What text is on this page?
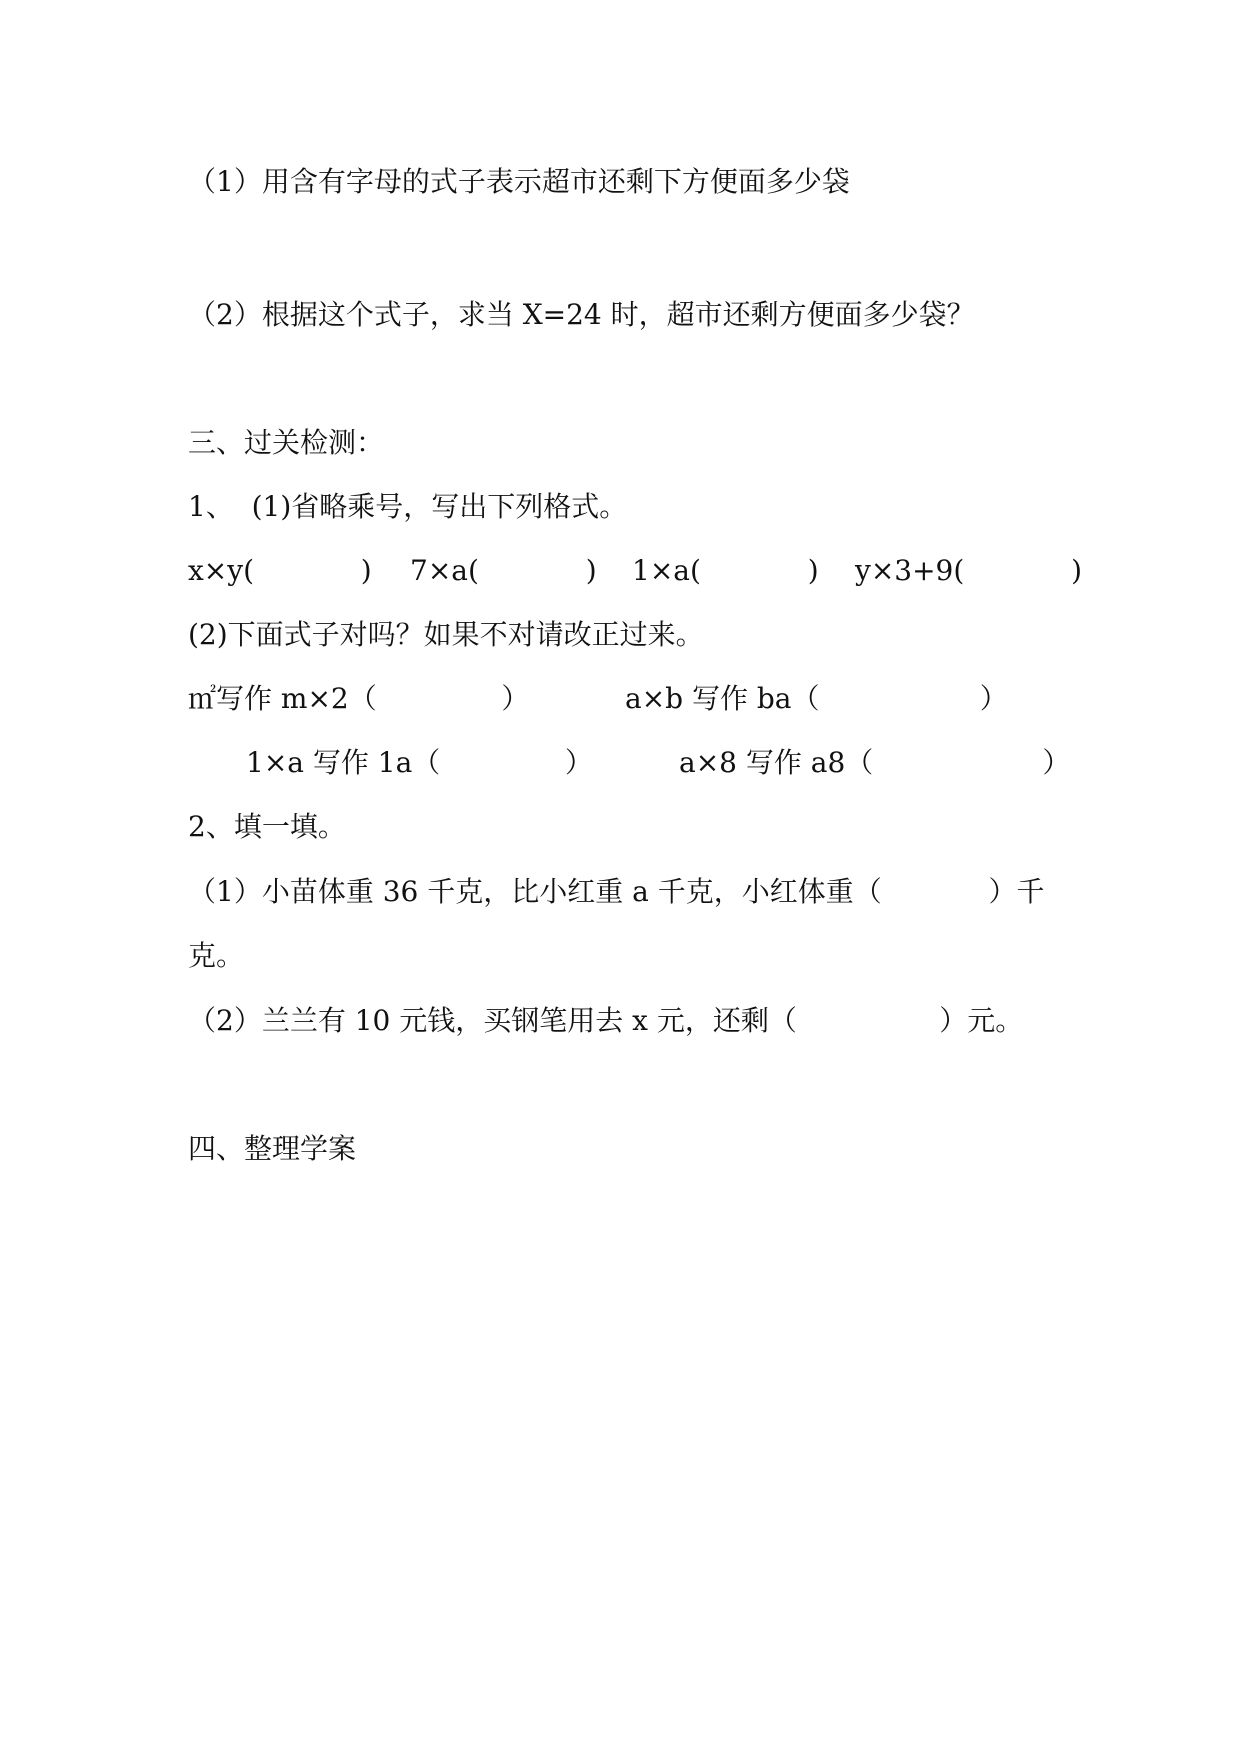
（1）用含有字母的式子表示超市还剩下方便面多少袋
（2）根据这个式子，求当 X=24 时，超市还剩方便面多少袋？
三、过关检测：
1、  (1)省略乘号，写出下列格式。
x×y(            ) 7×a(            ) 1×a(            ) y×3+9(            )
(2)下面式子对吗？如果不对请改正过来。
㎡写作 m×2（              ）	a×b 写作 ba（                  ）
1×a 写作 1a（              ）	a×8 写作 a8（                   ）
2、填一填。
（1）小苗体重 36 千克，比小红重 a 千克，小红体重（            ）千
克。
（2）兰兰有 10 元钱，买钢笔用去 x 元，还剩（                ）元。
四、整理学案
